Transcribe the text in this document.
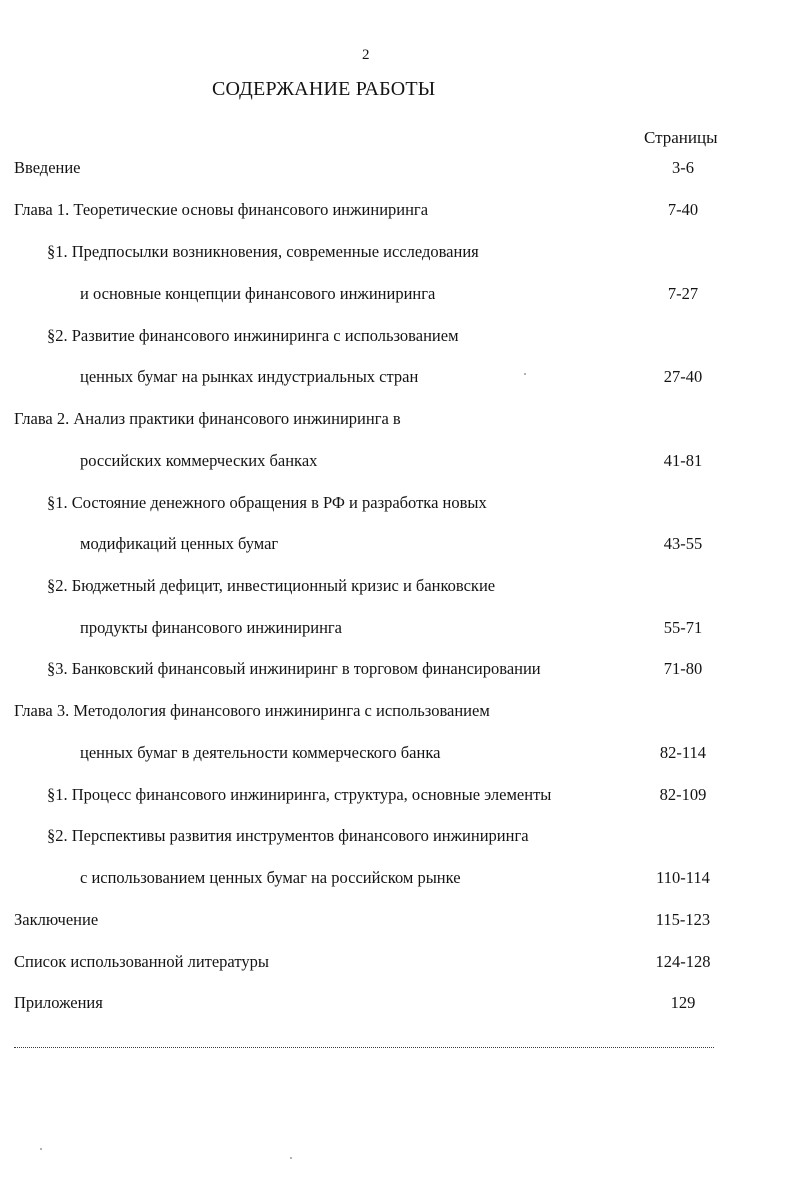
2
СОДЕРЖАНИЕ РАБОТЫ
Страницы
Введение	3-6
Глава 1. Теоретические основы финансового инжиниринга	7-40
§1. Предпосылки возникновения, современные исследования
и основные концепции финансового инжиниринга	7-27
§2. Развитие финансового инжиниринга с использованием
ценных бумаг на рынках индустриальных стран	27-40
Глава 2. Анализ практики финансового инжиниринга в
российских коммерческих банках	41-81
§1. Состояние денежного обращения в РФ и разработка новых
модификаций ценных бумаг	43-55
§2. Бюджетный дефицит, инвестиционный кризис и банковские
продукты финансового инжиниринга	55-71
§3. Банковский финансовый инжиниринг в торговом финансировании	71-80
Глава 3. Методология финансового инжиниринга с использованием
ценных бумаг в деятельности коммерческого банка	82-114
§1. Процесс финансового инжиниринга, структура, основные элементы	82-109
§2. Перспективы развития инструментов финансового инжиниринга
с использованием ценных бумаг на российском рынке	110-114
Заключение	115-123
Список использованной литературы	124-128
Приложения	129
